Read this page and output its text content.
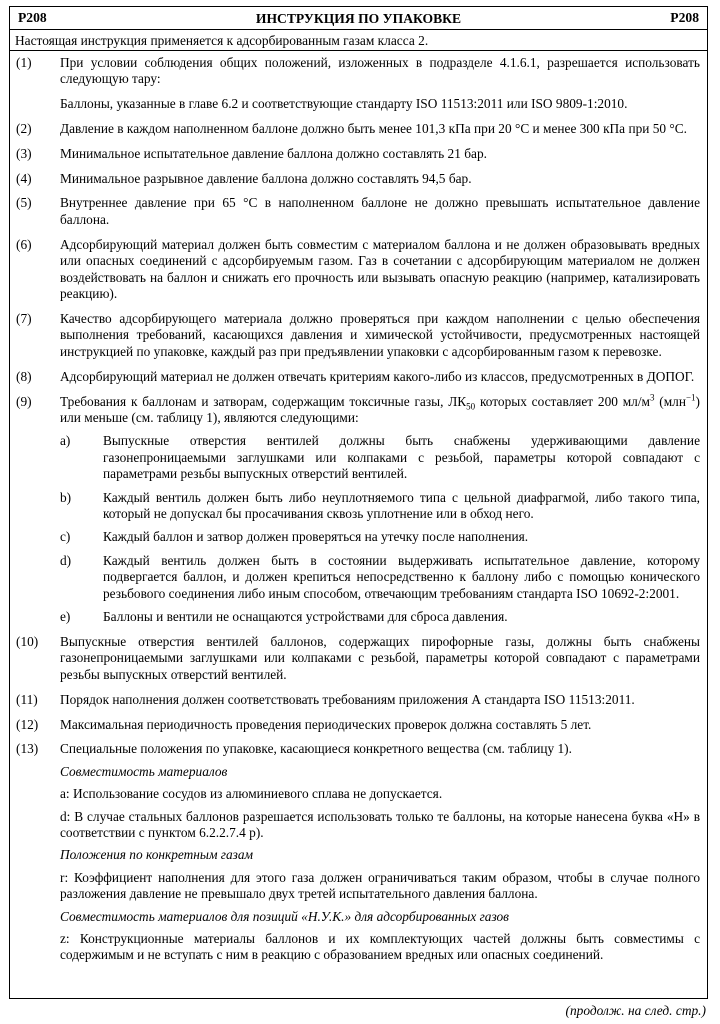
P208	ИНСТРУКЦИЯ ПО УПАКОВКЕ	P208
Настоящая инструкция применяется к адсорбированным газам класса 2.
(1)	При условии соблюдения общих положений, изложенных в подразделе 4.1.6.1, разрешается использовать следующую тару:

Баллоны, указанные в главе 6.2 и соответствующие стандарту ISO 11513:2011 или ISO 9809-1:2010.

(2)	Давление в каждом наполненном баллоне должно быть менее 101,3 кПа при 20 °C и менее 300 кПа при 50 °C.
(3)	Минимальное испытательное давление баллона должно составлять 21 бар.
(4)	Минимальное разрывное давление баллона должно составлять 94,5 бар.
(5)	Внутреннее давление при 65 °C в наполненном баллоне не должно превышать испытательное давление баллона.
(6)	Адсорбирующий материал должен быть совместим с материалом баллона и не должен образовывать вредных или опасных соединений с адсорбируемым газом. Газ в сочетании с адсорбирующим материалом не должен воздействовать на баллон и снижать его прочность или вызывать опасную реакцию (например, катализировать реакцию).
(7)	Качество адсорбирующего материала должно проверяться при каждом наполнении с целью обеспечения выполнения требований, касающихся давления и химической устойчивости, предусмотренных настоящей инструкцией по упаковке, каждый раз при предъявлении упаковки с адсорбированным газом к перевозке.
(8)	Адсорбирующий материал не должен отвечать критериям какого-либо из классов, предусмотренных в ДОПОГ.
(9)	Требования к баллонам и затворам, содержащим токсичные газы, $ЛК_{50}$ которых составляет 200 $мл/м^3$ (млн$^{-1}$) или меньше (см. таблицу 1), являются следующими:

a)	Выпускные отверстия вентилей должны быть снабжены удерживающими давление газонепроницаемыми заглушками или колпаками с резьбой, параметры которой совпадают с параметрами резьбы выпускных отверстий вентилей.
b)	Каждый вентиль должен быть либо неуплотняемого типа с цельной диафрагмой, либо такого типа, который не допускал бы просачивания сквозь уплотнение или в обход него.
c)	Каждый баллон и затвор должен проверяться на утечку после наполнения.
d)	Каждый вентиль должен быть в состоянии выдерживать испытательное давление, которому подвергается баллон, и должен крепиться непосредственно к баллону либо с помощью конического резьбового соединения либо иным способом, отвечающим требованиям стандарта ISO 10692-2:2001.
e)	Баллоны и вентили не оснащаются устройствами для сброса давления.
(10)	Выпускные отверстия вентилей баллонов, содержащих пирофорные газы, должны быть снабжены газонепроницаемыми заглушками или колпаками с резьбой, параметры которой совпадают с параметрами резьбы выпускных отверстий вентилей.
(11)	Порядок наполнения должен соответствовать требованиям приложения А стандарта ISO 11513:2011.
(12)	Максимальная периодичность проведения периодических проверок должна составлять 5 лет.
(13)	Специальные положения по упаковке, касающиеся конкретного вещества (см. таблицу 1).

Совместимость материалов
a: Использование сосудов из алюминиевого сплава не допускается.
d: В случае стальных баллонов разрешается использовать только те баллоны, на которые нанесена буква «H» в соответствии с пунктом 6.2.2.7.4 p).
Положения по конкретным газам
r: Коэффициент наполнения для этого газа должен ограничиваться таким образом, чтобы в случае полного разложения давление не превышало двух третей испытательного давления баллона.
Совместимость материалов для позиций «Н.У.К.» для адсорбированных газов
z: Конструкционные материалы баллонов и их комплектующих частей должны быть совместимы с содержимым и не вступать с ним в реакцию с образованием вредных или опасных соединений.
(продолж. на след. стр.)
